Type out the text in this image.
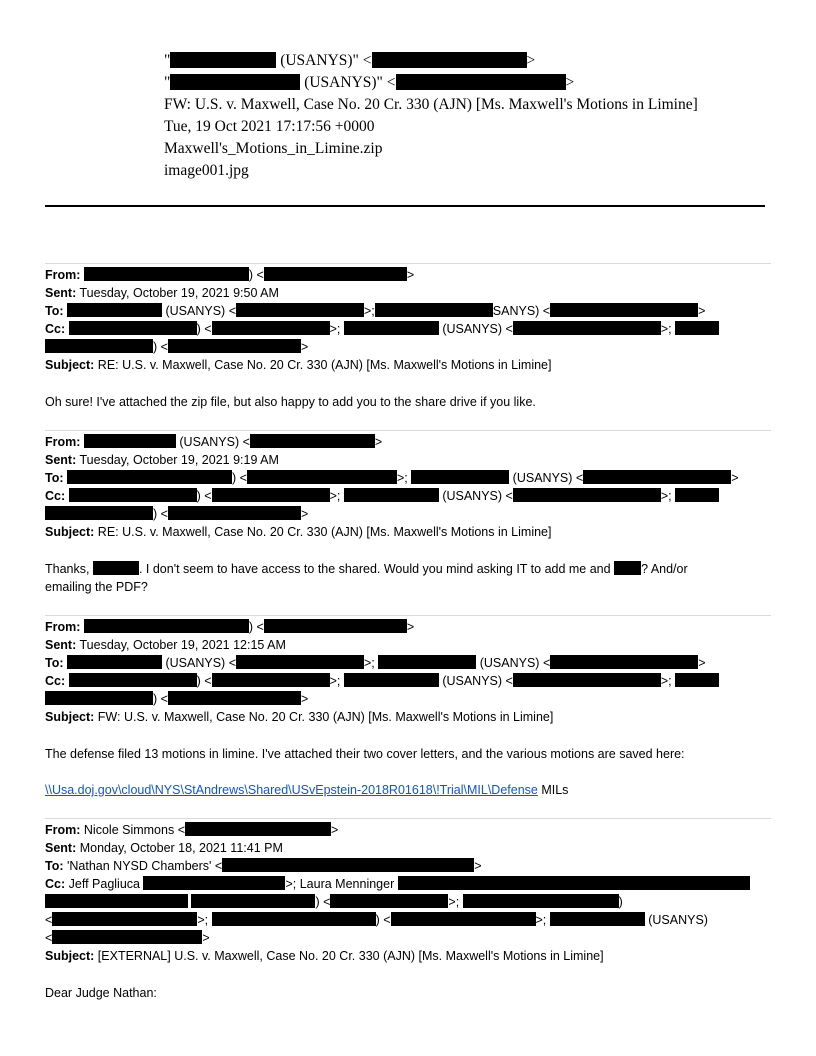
"	(USANYS)" <	>
"	(USANYS)" <	>
FW: U.S. v. Maxwell, Case No. 20 Cr. 330 (AJN) [Ms. Maxwell's Motions in Limine]
Tue, 19 Oct 2021 17:17:56 +0000
Maxwell's_Motions_in_Limine.zip
image001.jpg
From:	) <	>
Sent: Tuesday, October 19, 2021 9:50 AM
To:	(USANYS) <	>;	SANYS) <	>
Cc:	) <	>;	(USANYS) <	>;
) <	>
Subject: RE: U.S. v. Maxwell, Case No. 20 Cr. 330 (AJN) [Ms. Maxwell's Motions in Limine]
Oh sure! I've attached the zip file, but also happy to add you to the share drive if you like.
From:	(USANYS) <	>
Sent: Tuesday, October 19, 2021 9:19 AM
To:	) <	>;	(USANYS) <	>
Cc:	) <	>;	(USANYS) <	>;
) <	>
Subject: RE: U.S. v. Maxwell, Case No. 20 Cr. 330 (AJN) [Ms. Maxwell's Motions in Limine]
Thanks,	. I don't seem to have access to the shared. Would you mind asking IT to add me and ? And/or
emailing the PDF?
From:	) <	>
Sent: Tuesday, October 19, 2021 12:15 AM
To:	(USANYS) <	>;	(USANYS) <	>
Cc:	) <	>;	(USANYS) <	>;
) <	>
Subject: FW: U.S. v. Maxwell, Case No. 20 Cr. 330 (AJN) [Ms. Maxwell's Motions in Limine]
The defense filed 13 motions in limine. I've attached their two cover letters, and the various motions are saved here:
\\Usa.doj.gov\cloud\NYS\StAndrews\Shared\USvEpstein-2018R01618\!Trial\MIL\Defense MILs
From: Nicole Simmons <	>
Sent: Monday, October 18, 2021 11:41 PM
To: 'Nathan NYSD Chambers' <	>
Cc: Jeff Pagliuca	>; Laura Menninger
) <	>;	)
<	>;	) <	>;	(USANYS)
<	>
Subject: [EXTERNAL] U.S. v. Maxwell, Case No. 20 Cr. 330 (AJN) [Ms. Maxwell's Motions in Limine]
Dear Judge Nathan:
